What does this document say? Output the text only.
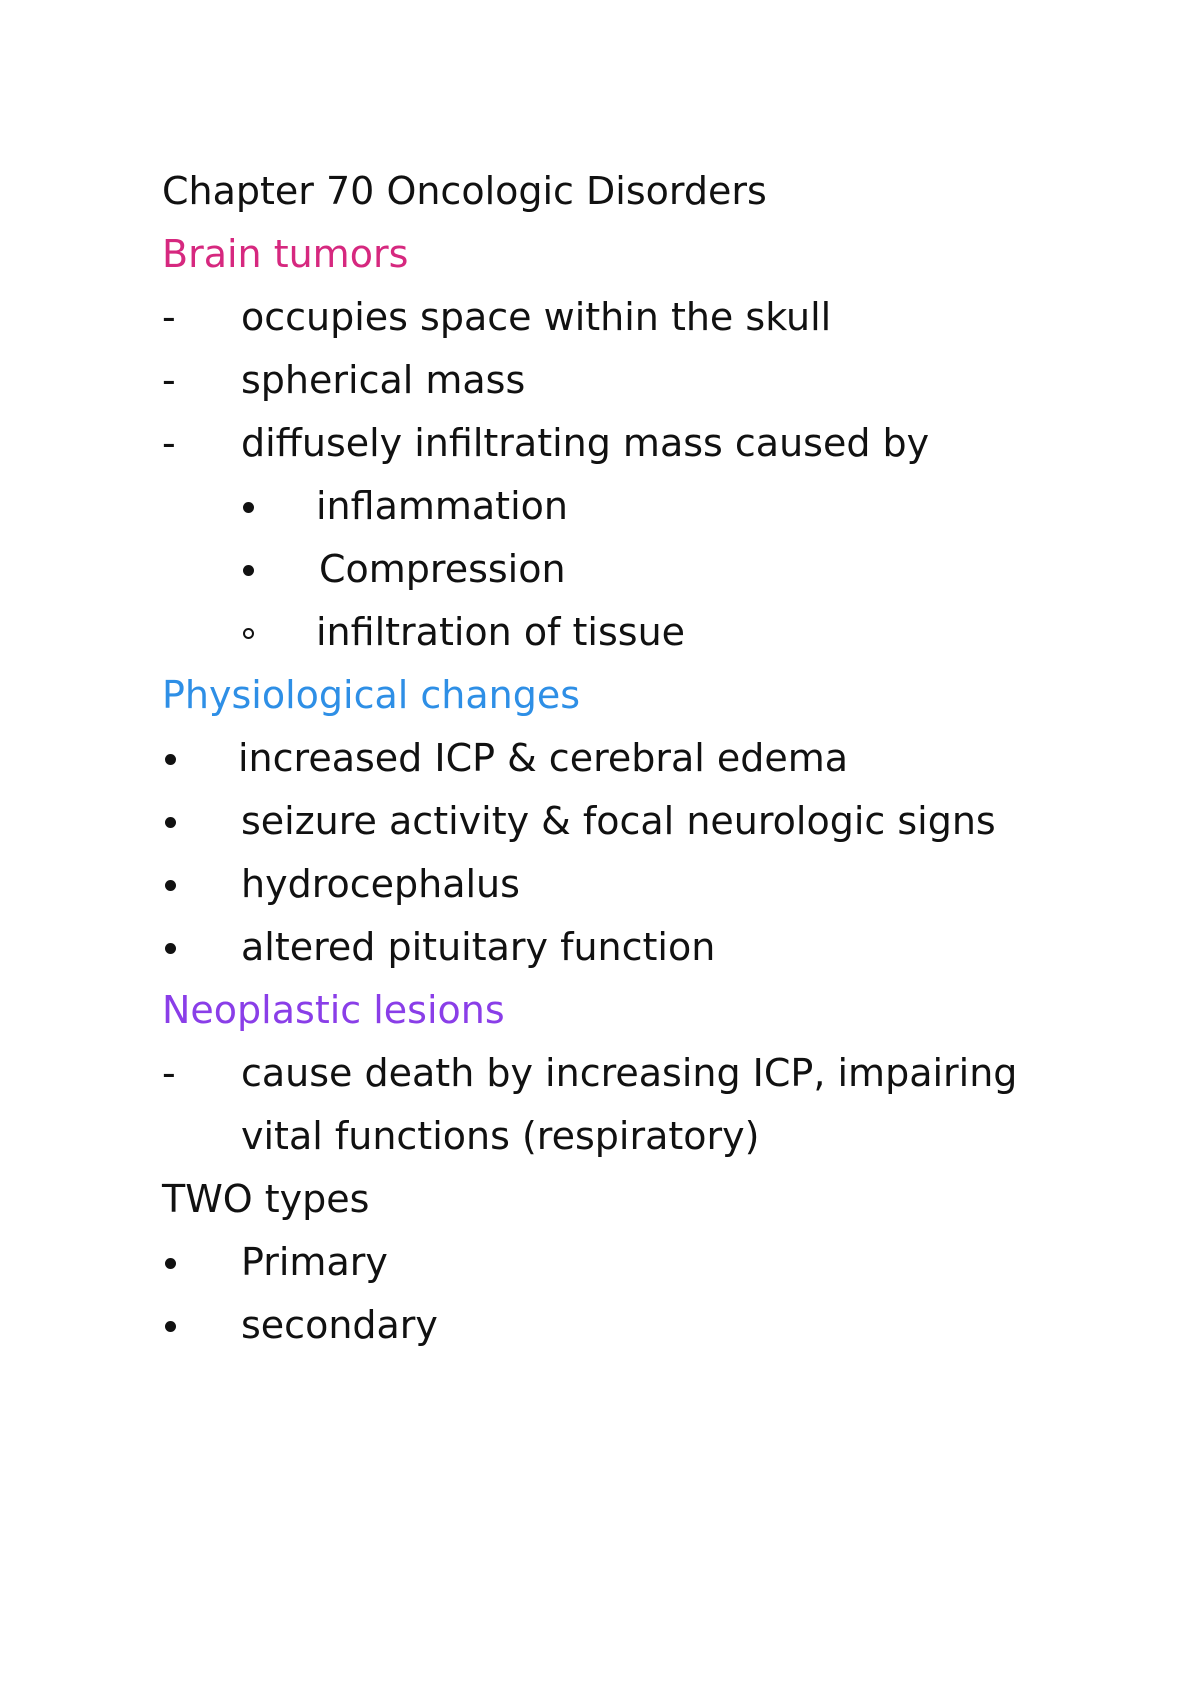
Chapter 70 Oncologic Disorders
Brain tumors
- occupies space within the skull
- spherical mass
- diffusely infiltrating mass caused by
inflammation
Compression
infiltration of tissue
Physiological changes
increased ICP & cerebral edema
seizure activity & focal neurologic signs
hydrocephalus
altered pituitary function
Neoplastic lesions
- cause death by increasing ICP, impairing
vital functions (respiratory)
TWO types
Primary
secondary
